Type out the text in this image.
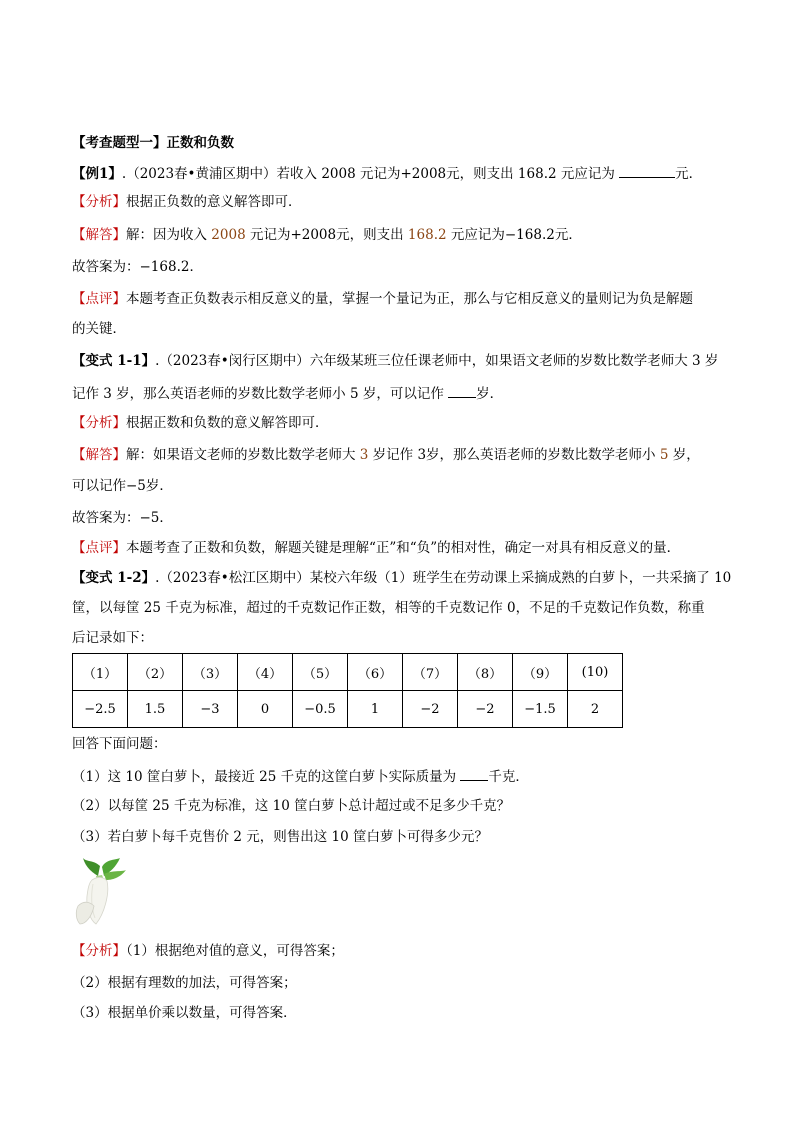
【考查题型一】正数和负数
【例1】.（2023春•黄浦区期中）若收入 2008 元记为+2008元，则支出 168.2 元应记为	元．
【分析】根据正负数的意义解答即可．
【解答】解：因为收入 2008 元记为+2008元，则支出 168.2 元应记为−168.2元．
故答案为：−168.2．
【点评】本题考查正负数表示相反意义的量，掌握一个量记为正，那么与它相反意义的量则记为负是解题
的关键．
【变式 1-1】.（2023春•闵行区期中）六年级某班三位任课老师中，如果语文老师的岁数比数学老师大 3 岁
记作 3 岁，那么英语老师的岁数比数学老师小 5 岁，可以记作 岁．
【分析】根据正数和负数的意义解答即可．
【解答】解：如果语文老师的岁数比数学老师大 3 岁记作 3岁，那么英语老师的岁数比数学老师小 5 岁，
可以记作−5岁．
故答案为：−5．
【点评】本题考查了正数和负数，解题关键是理解“正”和“负”的相对性，确定一对具有相反意义的量．
【变式 1-2】.（2023春•松江区期中）某校六年级（1）班学生在劳动课上采摘成熟的白萝卜，一共采摘了 10
筐，以每筐 25 千克为标准，超过的千克数记作正数，相等的千克数记作 0，不足的千克数记作负数，称重
后记录如下：
（1）	（2）	（3）	（4）	（5）	（6）	（7）	（8）	（9）	(10)
−2.5	1.5	−3	0	−0.5	1	−2	−2	−1.5	2
回答下面问题：
（1）这 10 筐白萝卜，最接近 25 千克的这筐白萝卜实际质量为 千克．
（2）以每筐 25 千克为标准，这 10 筐白萝卜总计超过或不足多少千克？
（3）若白萝卜每千克售价 2 元，则售出这 10 筐白萝卜可得多少元？
【分析】（1）根据绝对值的意义，可得答案；
（2）根据有理数的加法，可得答案；
（3）根据单价乘以数量，可得答案．
